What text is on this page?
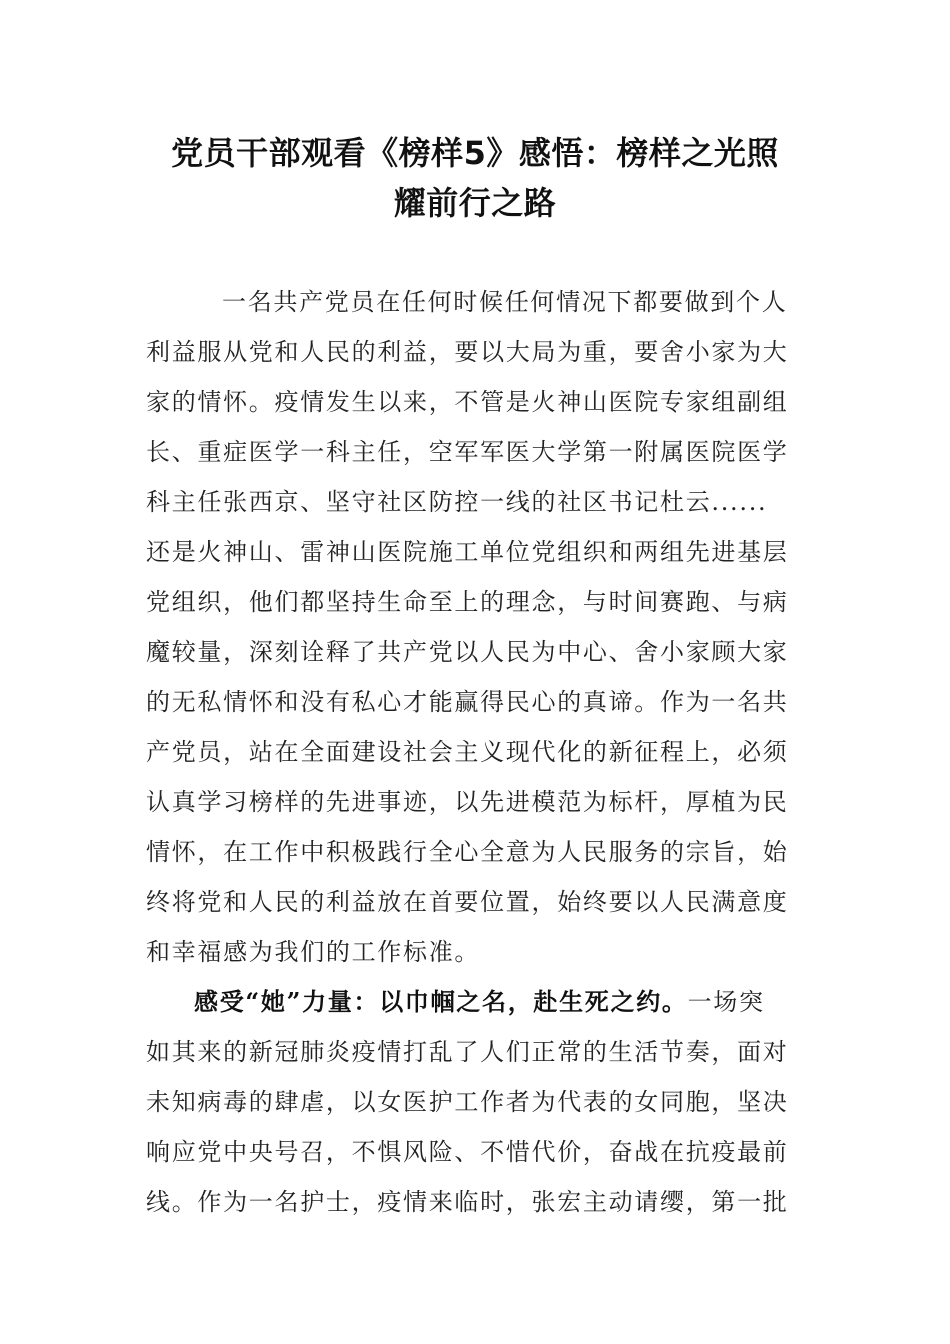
党员干部观看《榜样5》感悟：榜样之光照
耀前行之路
一名共产党员在任何时候任何情况下都要做到个人
利益服从党和人民的利益，要以大局为重，要舍小家为大
家的情怀。疫情发生以来，不管是火神山医院专家组副组
长、重症医学一科主任，空军军医大学第一附属医院医学
科主任张西京、坚守社区防控一线的社区书记杜云......
还是火神山、雷神山医院施工单位党组织和两组先进基层
党组织，他们都坚持生命至上的理念，与时间赛跑、与病
魔较量，深刻诠释了共产党以人民为中心、舍小家顾大家
的无私情怀和没有私心才能赢得民心的真谛。作为一名共
产党员，站在全面建设社会主义现代化的新征程上，必须
认真学习榜样的先进事迹，以先进模范为标杆，厚植为民
情怀，在工作中积极践行全心全意为人民服务的宗旨，始
终将党和人民的利益放在首要位置，始终要以人民满意度
和幸福感为我们的工作标准。
感受“她”力量：以巾帼之名，赴生死之约。一场突
如其来的新冠肺炎疫情打乱了人们正常的生活节奏，面对
未知病毒的肆虐，以女医护工作者为代表的女同胞，坚决
响应党中央号召，不惧风险、不惜代价，奋战在抗疫最前
线。作为一名护士，疫情来临时，张宏主动请缨，第一批
